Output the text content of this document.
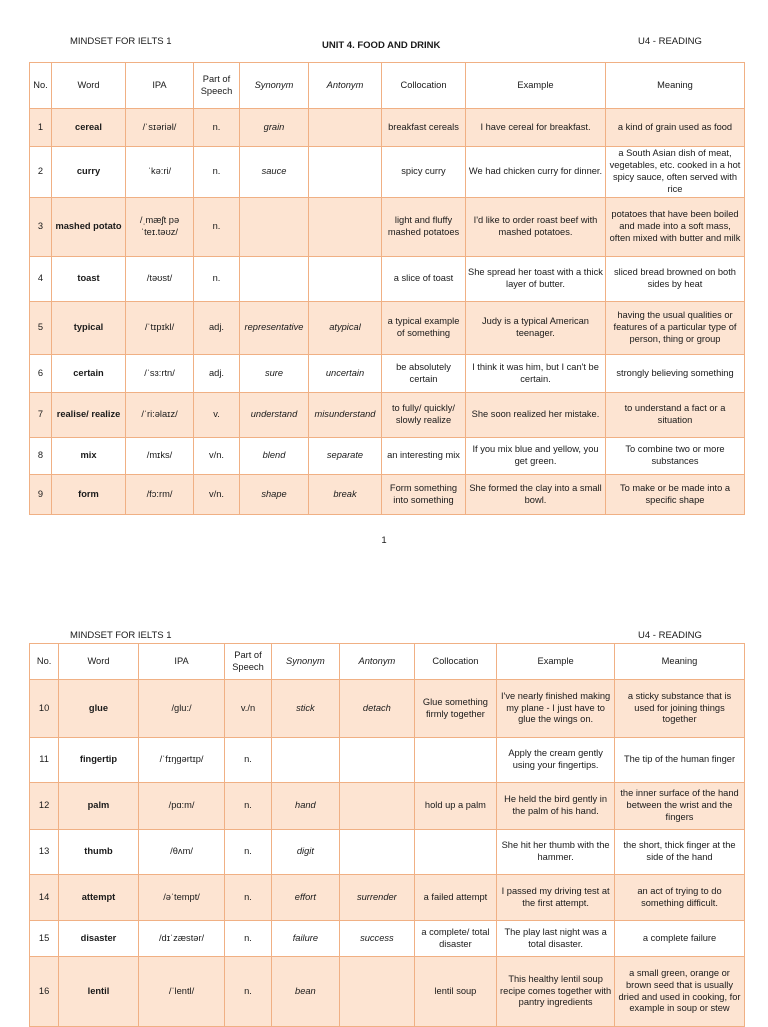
MINDSET FOR IELTS 1	UNIT 4. FOOD AND DRINK	U4 - READING
No.	Word	IPA	Part of Speech	Synonym	Antonym	Collocation	Example	Meaning
1	cereal	/ˈsɪəriəl/	n.	grain		breakfast cereals	I have cereal for breakfast.	a kind of grain used as food
2	curry	ˈkə:ri/	n.	sauce		spicy curry	We had chicken curry for dinner.	a South Asian dish of meat, vegetables, etc. cooked in a hot spicy sauce, often served with rice
3	mashed potato	/ˌmæʃt pəˈteɪ.təʊz/	n.			light and fluffy mashed potatoes	I'd like to order roast beef with mashed potatoes.	potatoes that have been boiled and made into a soft mass, often mixed with butter and milk
4	toast	/təʊst/	n.			a slice of toast	She spread her toast with a thick layer of butter.	sliced bread browned on both sides by heat
5	typical	/ˈtɪpɪkl/	adj.	representative	atypical	a typical example of something	Judy is a typical American teenager.	having the usual qualities or features of a particular type of person, thing or group
6	certain	/ˈsɜ:rtn/	adj.	sure	uncertain	be absolutely certain	I think it was him, but I can't be certain.	strongly believing something
7	realise/ realize	/ˈri:əlaɪz/	v.	understand	misunderstand	to fully/ quickly/ slowly realize	She soon realized her mistake.	to understand a fact or a situation
8	mix	/mɪks/	v/n.	blend	separate	an interesting mix	If you mix blue and yellow, you get green.	To combine two or more substances
9	form	/fɔ:rm/	v/n.	shape	break	Form something into something	She formed the clay into a small bowl.	To make or be made into a specific shape
1
MINDSET FOR IELTS 1	U4 - READING
No.	Word	IPA	Part of Speech	Synonym	Antonym	Collocation	Example	Meaning
10	glue	/glu:/	v./n	stick	detach	Glue something firmly together	I've nearly finished making my plane - I just have to glue the wings on.	a sticky substance that is used for joining things together
11	fingertip	/ˈfɪŋɡərtɪp/	n.				Apply the cream gently using your fingertips.	The tip of the human finger
12	palm	/pɑ:m/	n.	hand		hold up a palm	He held the bird gently in the palm of his hand.	the inner surface of the hand between the wrist and the fingers
13	thumb	/θʌm/	n.	digit			She hit her thumb with the hammer.	the short, thick finger at the side of the hand
14	attempt	/əˈtempt/	n.	effort	surrender	a failed attempt	I passed my driving test at the first attempt.	an act of trying to do something difficult.
15	disaster	/dɪˈzæstər/	n.	failure	success	a complete/ total disaster	The play last night was a total disaster.	a complete failure
16	lentil	/ˈlentl/	n.	bean		lentil soup	This healthy lentil soup recipe comes together with pantry ingredients	a small green, orange or brown seed that is usually dried and used in cooking, for example in soup or stew
